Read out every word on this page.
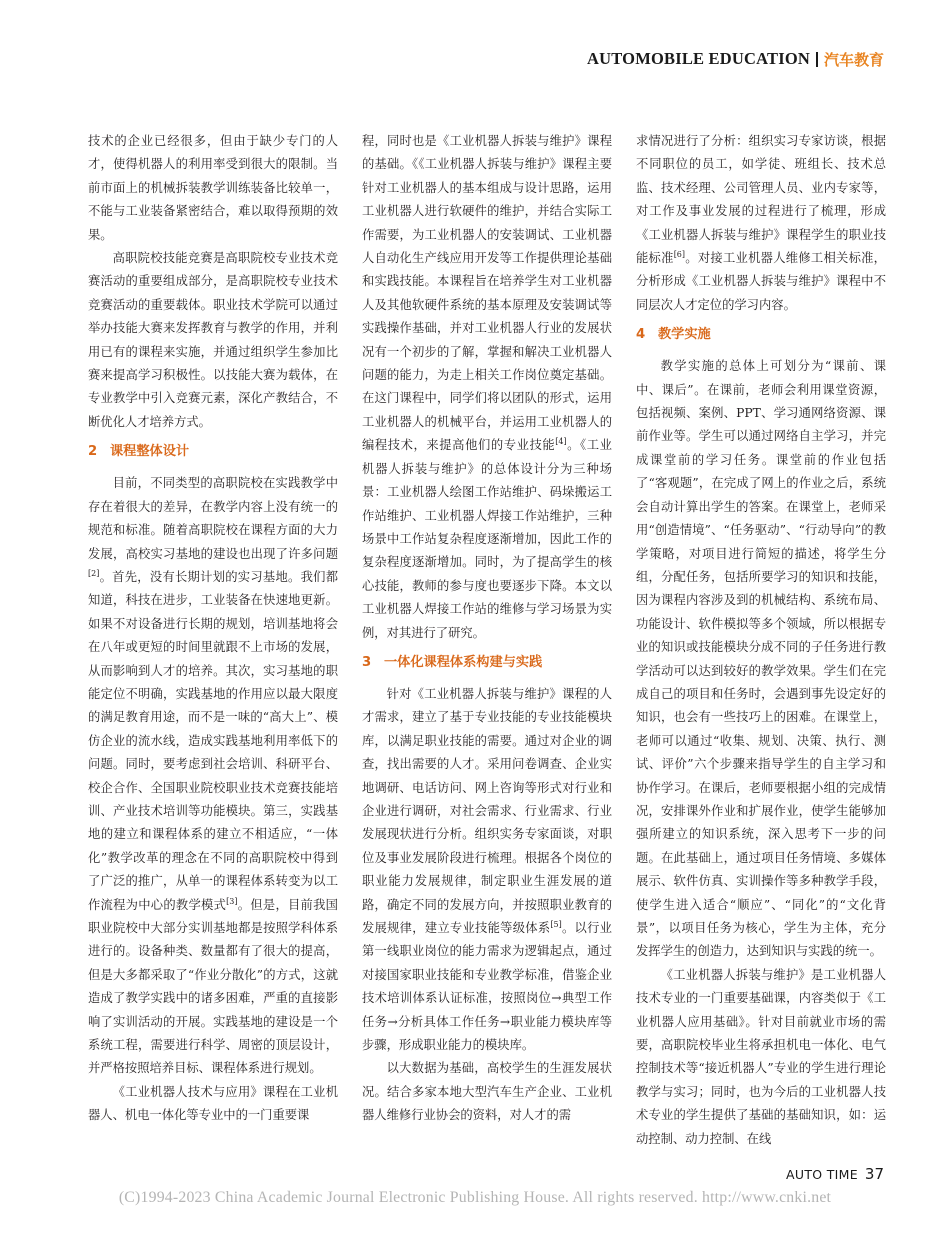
AUTOMOBILE EDUCATION 汽车教育

技术的企业已经很多，但由于缺少专门的人才，使得机器人的利用率受到很大的限制。当前市面上的机械拆装教学训练装备比较单一，不能与工业装备紧密结合，难以取得预期的效果。

高职院校技能竞赛是高职院校专业技术竞赛活动的重要组成部分，是高职院校专业技术竞赛活动的重要载体。职业技术学院可以通过举办技能大赛来发挥教育与教学的作用，并利用已有的课程来实施，并通过组织学生参加比赛来提高学习积极性。以技能大赛为载体，在专业教学中引入竞赛元素，深化产教结合，不断优化人才培养方式。

2 课程整体设计

目前，不同类型的高职院校在实践教学中存在着很大的差异，在教学内容上没有统一的规范和标准。随着高职院校在课程方面的大力发展，高校实习基地的建设也出现了许多问题[2]。首先，没有长期计划的实习基地。我们都知道，科技在进步，工业装备在快速地更新。如果不对设备进行长期的规划，培训基地将会在八年或更短的时间里就跟不上市场的发展，从而影响到人才的培养。其次，实习基地的职能定位不明确，实践基地的作用应以最大限度的满足教育用途，而不是一味的“高大上”、模仿企业的流水线，造成实践基地利用率低下的问题。同时，要考虑到社会培训、科研平台、校企合作、全国职业院校职业技术竞赛技能培训、产业技术培训等功能模块。第三，实践基地的建立和课程体系的建立不相适应，“一体化”教学改革的理念在不同的高职院校中得到了广泛的推广，从单一的课程体系转变为以工作流程为中心的教学模式[3]。但是，目前我国职业院校中大部分实训基地都是按照学科体系进行的。设备种类、数量都有了很大的提高，但是大多都采取了“作业分散化”的方式，这就造成了教学实践中的诸多困难，严重的直接影响了实训活动的开展。实践基地的建设是一个系统工程，需要进行科学、周密的顶层设计，并严格按照培养目标、课程体系进行规划。

《工业机器人技术与应用》课程在工业机器人、机电一体化等专业中的一门重要课

程，同时也是《工业机器人拆装与维护》课程的基础。《《工业机器人拆装与维护》课程主要针对工业机器人的基本组成与设计思路，运用工业机器人进行软硬件的维护，并结合实际工作需要，为工业机器人的安装调试、工业机器人自动化生产线应用开发等工作提供理论基础和实践技能。本课程旨在培养学生对工业机器人及其他软硬件系统的基本原理及安装调试等实践操作基础，并对工业机器人行业的发展状况有一个初步的了解，掌握和解决工业机器人问题的能力，为走上相关工作岗位奠定基础。在这门课程中，同学们将以团队的形式，运用工业机器人的机械平台，并运用工业机器人的编程技术，来提高他们的专业技能[4]。《工业机器人拆装与维护》的总体设计分为三种场景：工业机器人绘图工作站维护、码垛搬运工作站维护、工业机器人焊接工作站维护，三种场景中工作站复杂程度逐渐增加，因此工作的复杂程度逐渐增加。同时，为了提高学生的核心技能，教师的参与度也要逐步下降。本文以工业机器人焊接工作站的维修与学习场景为实例，对其进行了研究。

3 一体化课程体系构建与实践

针对《工业机器人拆装与维护》课程的人才需求，建立了基于专业技能的专业技能模块库，以满足职业技能的需要。通过对企业的调查，找出需要的人才。采用问卷调查、企业实地调研、电话访问、网上咨询等形式对行业和企业进行调研，对社会需求、行业需求、行业发展现状进行分析。组织实务专家面谈，对职位及事业发展阶段进行梳理。根据各个岗位的职业能力发展规律，制定职业生涯发展的道路，确定不同的发展方向，并按照职业教育的发展规律，建立专业技能等级体系[5]。以行业第一线职业岗位的能力需求为逻辑起点，通过对接国家职业技能和专业教学标准，借鉴企业技术培训体系认证标准，按照岗位→典型工作任务→分析具体工作任务→职业能力模块库等步骤，形成职业能力的模块库。

以大数据为基础，高校学生的生涯发展状况。结合多家本地大型汽车生产企业、工业机器人维修行业协会的资料，对人才的需

求情况进行了分析：组织实习专家访谈，根据不同职位的员工，如学徒、班组长、技术总监、技术经理、公司管理人员、业内专家等，对工作及事业发展的过程进行了梳理，形成《工业机器人拆装与维护》课程学生的职业技能标准[6]。对接工业机器人维修工相关标准，分析形成《工业机器人拆装与维护》课程中不同层次人才定位的学习内容。

4 教学实施

教学实施的总体上可划分为“课前、课中、课后”。在课前，老师会利用课堂资源，包括视频、案例、PPT、学习通网络资源、课前作业等。学生可以通过网络自主学习，并完成课堂前的学习任务。课堂前的作业包括了“客观题”，在完成了网上的作业之后，系统会自动计算出学生的答案。在课堂上，老师采用“创造情境”、“任务驱动”、“行动导向”的教学策略，对项目进行简短的描述，将学生分组，分配任务，包括所要学习的知识和技能，因为课程内容涉及到的机械结构、系统布局、功能设计、软件模拟等多个领域，所以根据专业的知识或技能模块分成不同的子任务进行教学活动可以达到较好的教学效果。学生们在完成自己的项目和任务时，会遇到事先设定好的知识，也会有一些技巧上的困难。在课堂上，老师可以通过“收集、规划、决策、执行、测试、评价”六个步骤来指导学生的自主学习和协作学习。在课后，老师要根据小组的完成情况，安排课外作业和扩展作业，使学生能够加强所建立的知识系统，深入思考下一步的问题。在此基础上，通过项目任务情境、多媒体展示、软件仿真、实训操作等多种教学手段，使学生进入适合“顺应”、“同化”的“文化背景”，以项目任务为核心，学生为主体，充分发挥学生的创造力，达到知识与实践的统一。

《工业机器人拆装与维护》是工业机器人技术专业的一门重要基础课，内容类似于《工业机器人应用基础》。针对目前就业市场的需要，高职院校毕业生将承担机电一体化、电气控制技术等“接近机器人”专业的学生进行理论教学与实习；同时，也为今后的工业机器人技术专业的学生提供了基础的基础知识，如：运动控制、动力控制、在线

AUTO TIME 37
(C)1994-2023 China Academic Journal Electronic Publishing House. All rights reserved. http://www.cnki.net
